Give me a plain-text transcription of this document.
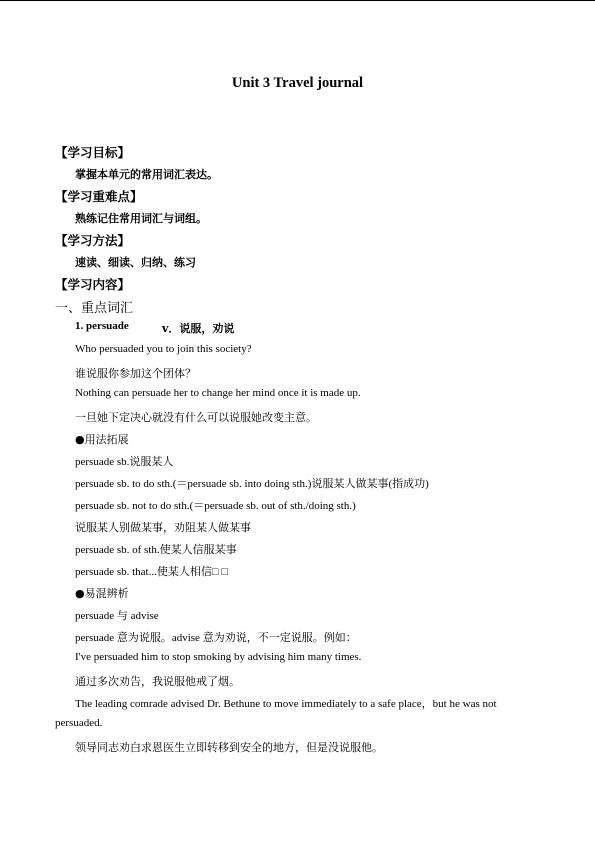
Unit 3 Travel journal
【学习目标】
掌握本单元的常用词汇表达。
【学习重难点】
熟练记住常用词汇与词组。
【学习方法】
速读、细读、归纳、练习
【学习内容】
一、重点词汇
1. persuade	v．说服，劝说
Who persuaded you to join this society?
谁说服你参加这个团体？
Nothing can persuade her to change her mind once it is made up.
一旦她下定决心就没有什么可以说服她改变主意。
●用法拓展
persuade sb.说服某人
persuade sb. to do sth.(＝persuade sb. into doing sth.)说服某人做某事(指成功)
persuade sb. not to do sth.(＝persuade sb. out of sth./doing sth.)
说服某人别做某事，劝阻某人做某事
persuade sb. of sth.使某人信服某事
persuade sb. that...使某人相信□ □
●易混辨析
persuade 与 advise
persuade 意为说服。advise 意为劝说，不一定说服。例如：
I've persuaded him to stop smoking by advising him many times.
通过多次劝告，我说服他戒了烟。
The leading comrade advised Dr. Bethune to move immediately to a safe place，but he was not
persuaded.
领导同志劝白求恩医生立即转移到安全的地方，但是没说服他。
